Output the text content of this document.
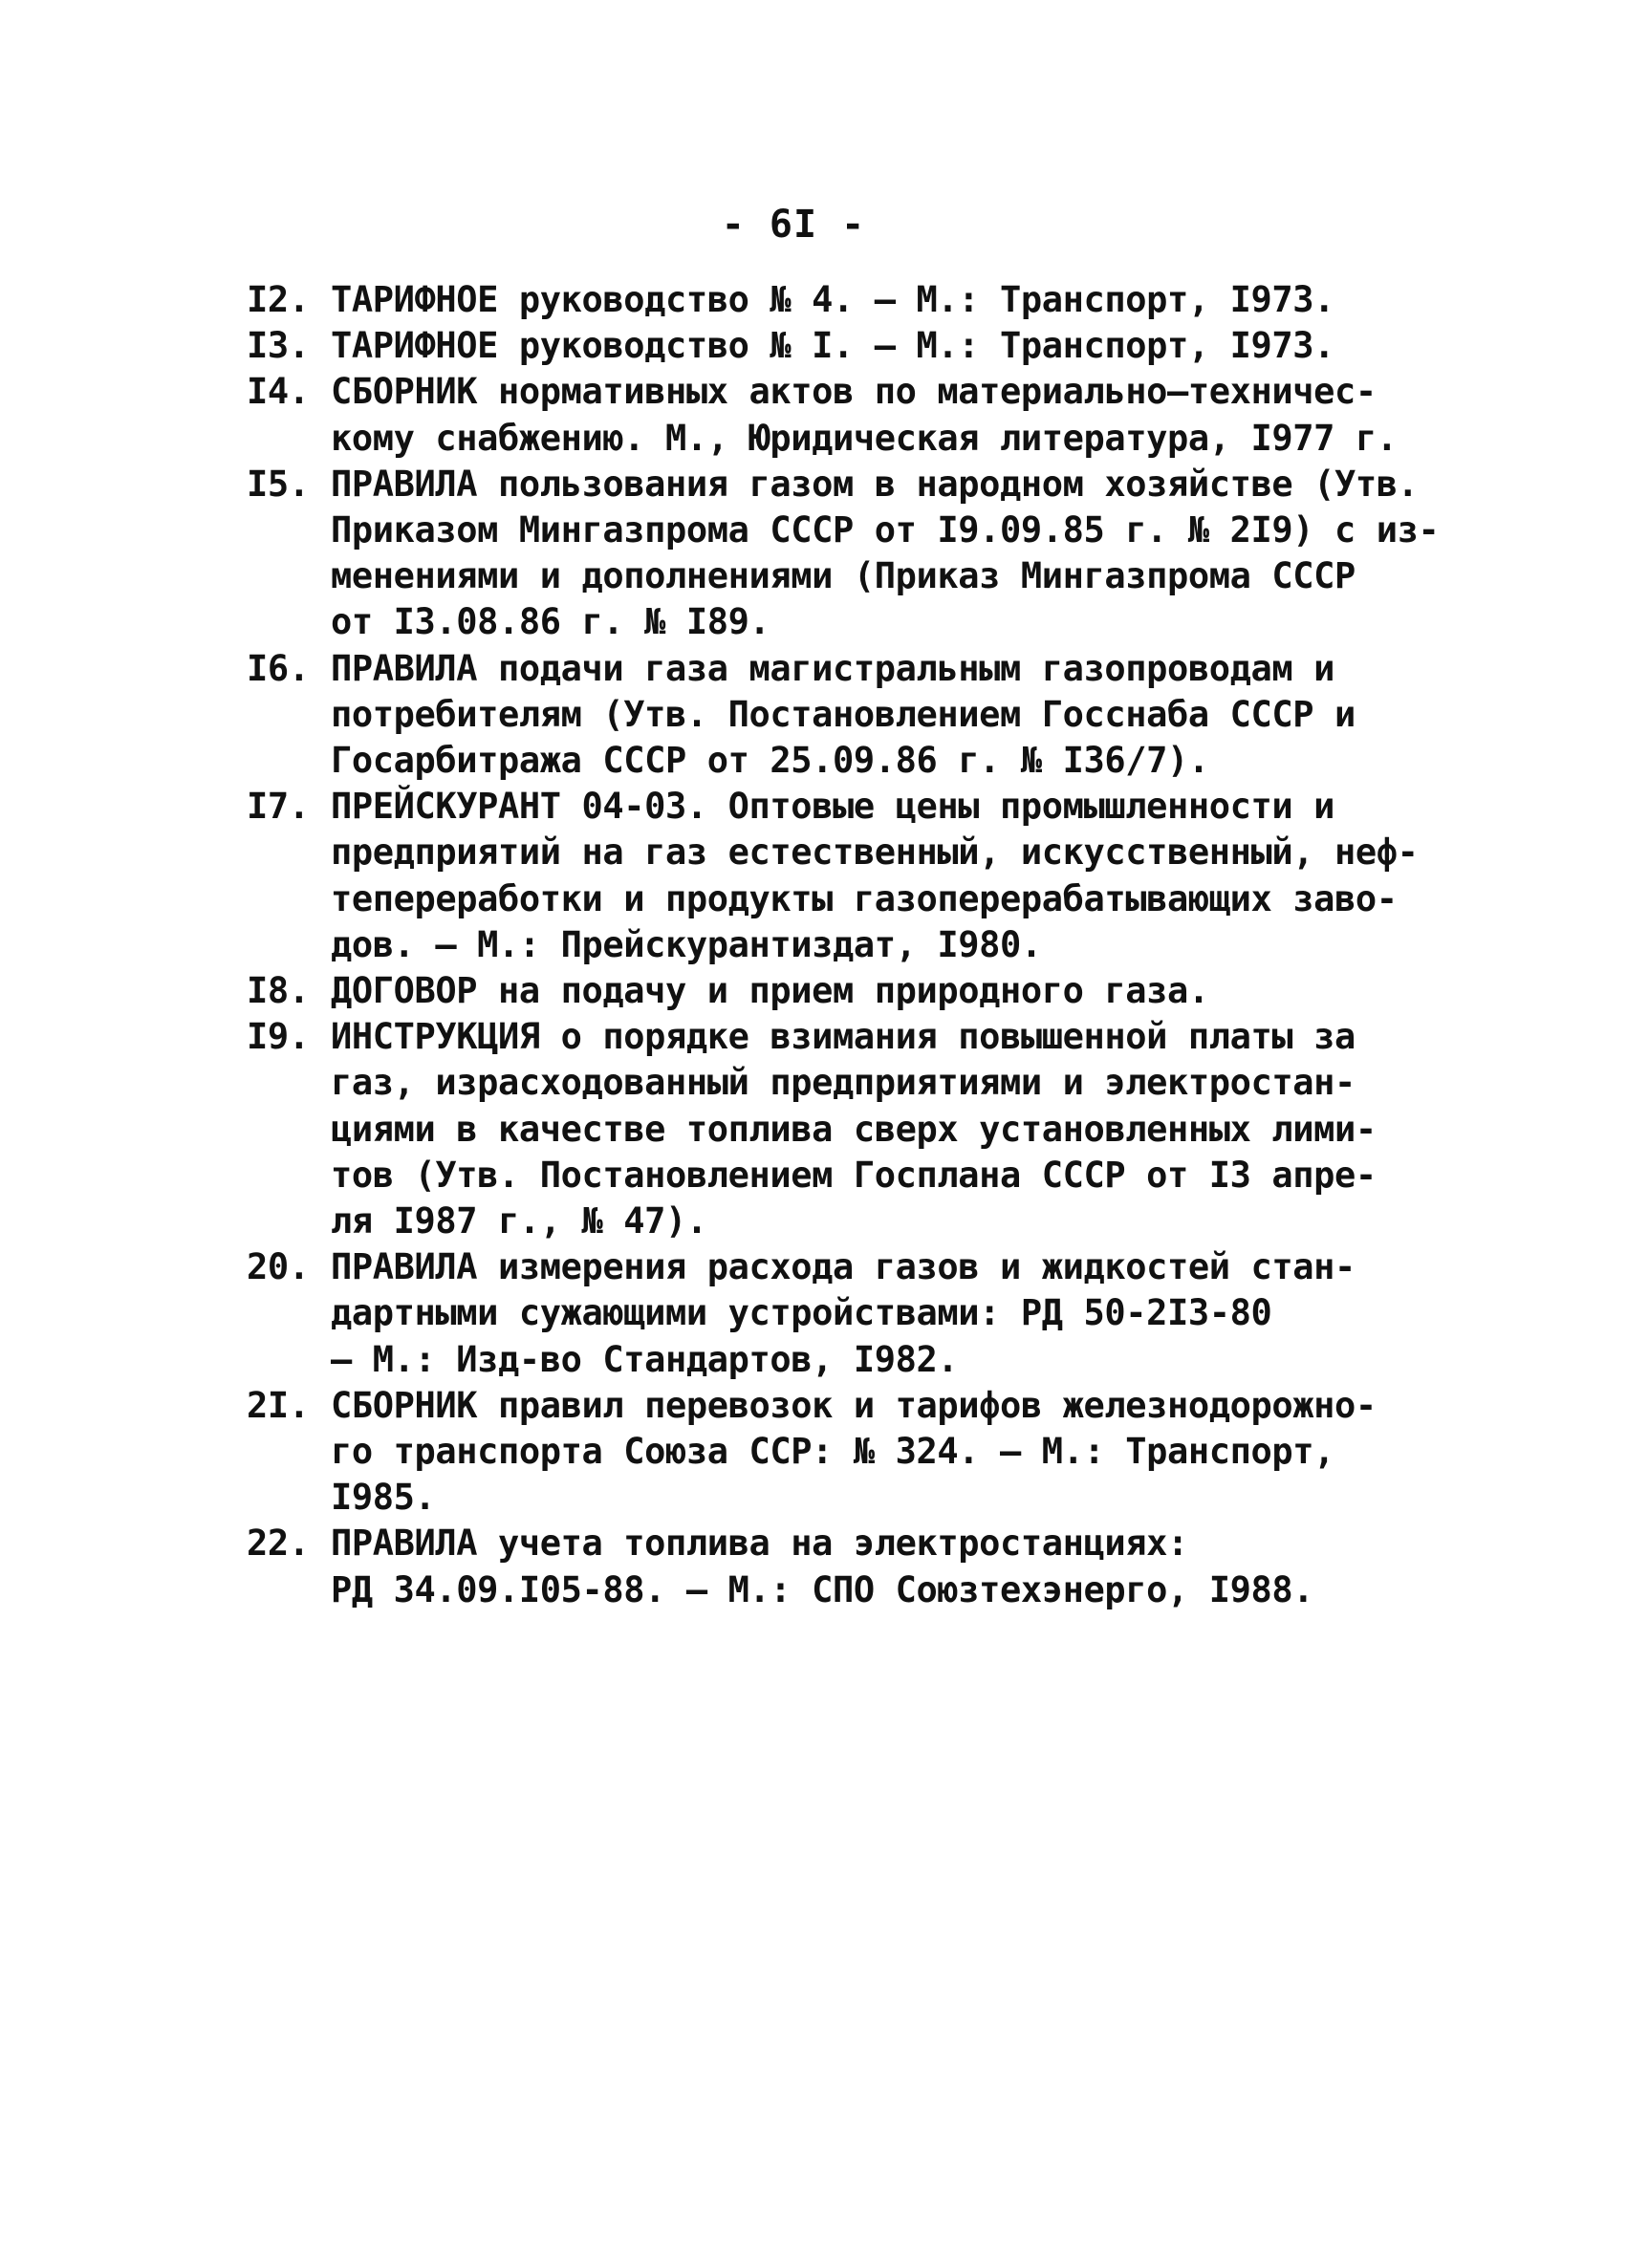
- 6I -
I2. ТАРИФНОЕ руководство № 4. – М.: Транспорт, I973.
I3. ТАРИФНОЕ руководство № I. – М.: Транспорт, I973.
I4. СБОРНИК нормативных актов по материально–техничес-
кому снабжению. М., Юридическая литература, I977 г.
I5. ПРАВИЛА пользования газом в народном хозяйстве (Утв.
Приказом Мингазпрома СССР от I9.09.85 г. № 2I9) с из-
менениями и дополнениями (Приказ Мингазпрома СССР
от I3.08.86 г. № I89.
I6. ПРАВИЛА подачи газа магистральным газопроводам и
потребителям (Утв. Постановлением Госснаба СССР и
Госарбитража СССР от 25.09.86 г. № I36/7).
I7. ПРЕЙСКУРАНТ 04-03. Оптовые цены промышленности и
предприятий на газ естественный, искусственный, неф-
тепереработки и продукты газоперерабатывающих заво-
дов. – М.: Прейскурантиздат, I980.
I8. ДОГОВОР на подачу и прием природного газа.
I9. ИНСТРУКЦИЯ о порядке взимания повышенной платы за
газ, израсходованный предприятиями и электростан-
циями в качестве топлива сверх установленных лими-
тов (Утв. Постановлением Госплана СССР от I3 апре-
ля I987 г., № 47).
20. ПРАВИЛА измерения расхода газов и жидкостей стан-
дартными сужающими устройствами: РД 50-2I3-80
– М.: Изд-во Стандартов, I982.
2I. СБОРНИК правил перевозок и тарифов железнодорожно-
го транспорта Союза ССР: № 324. – М.: Транспорт,
I985.
22. ПРАВИЛА учета топлива на электростанциях:
РД 34.09.I05-88. – М.: СПО Союзтехэнерго, I988.
